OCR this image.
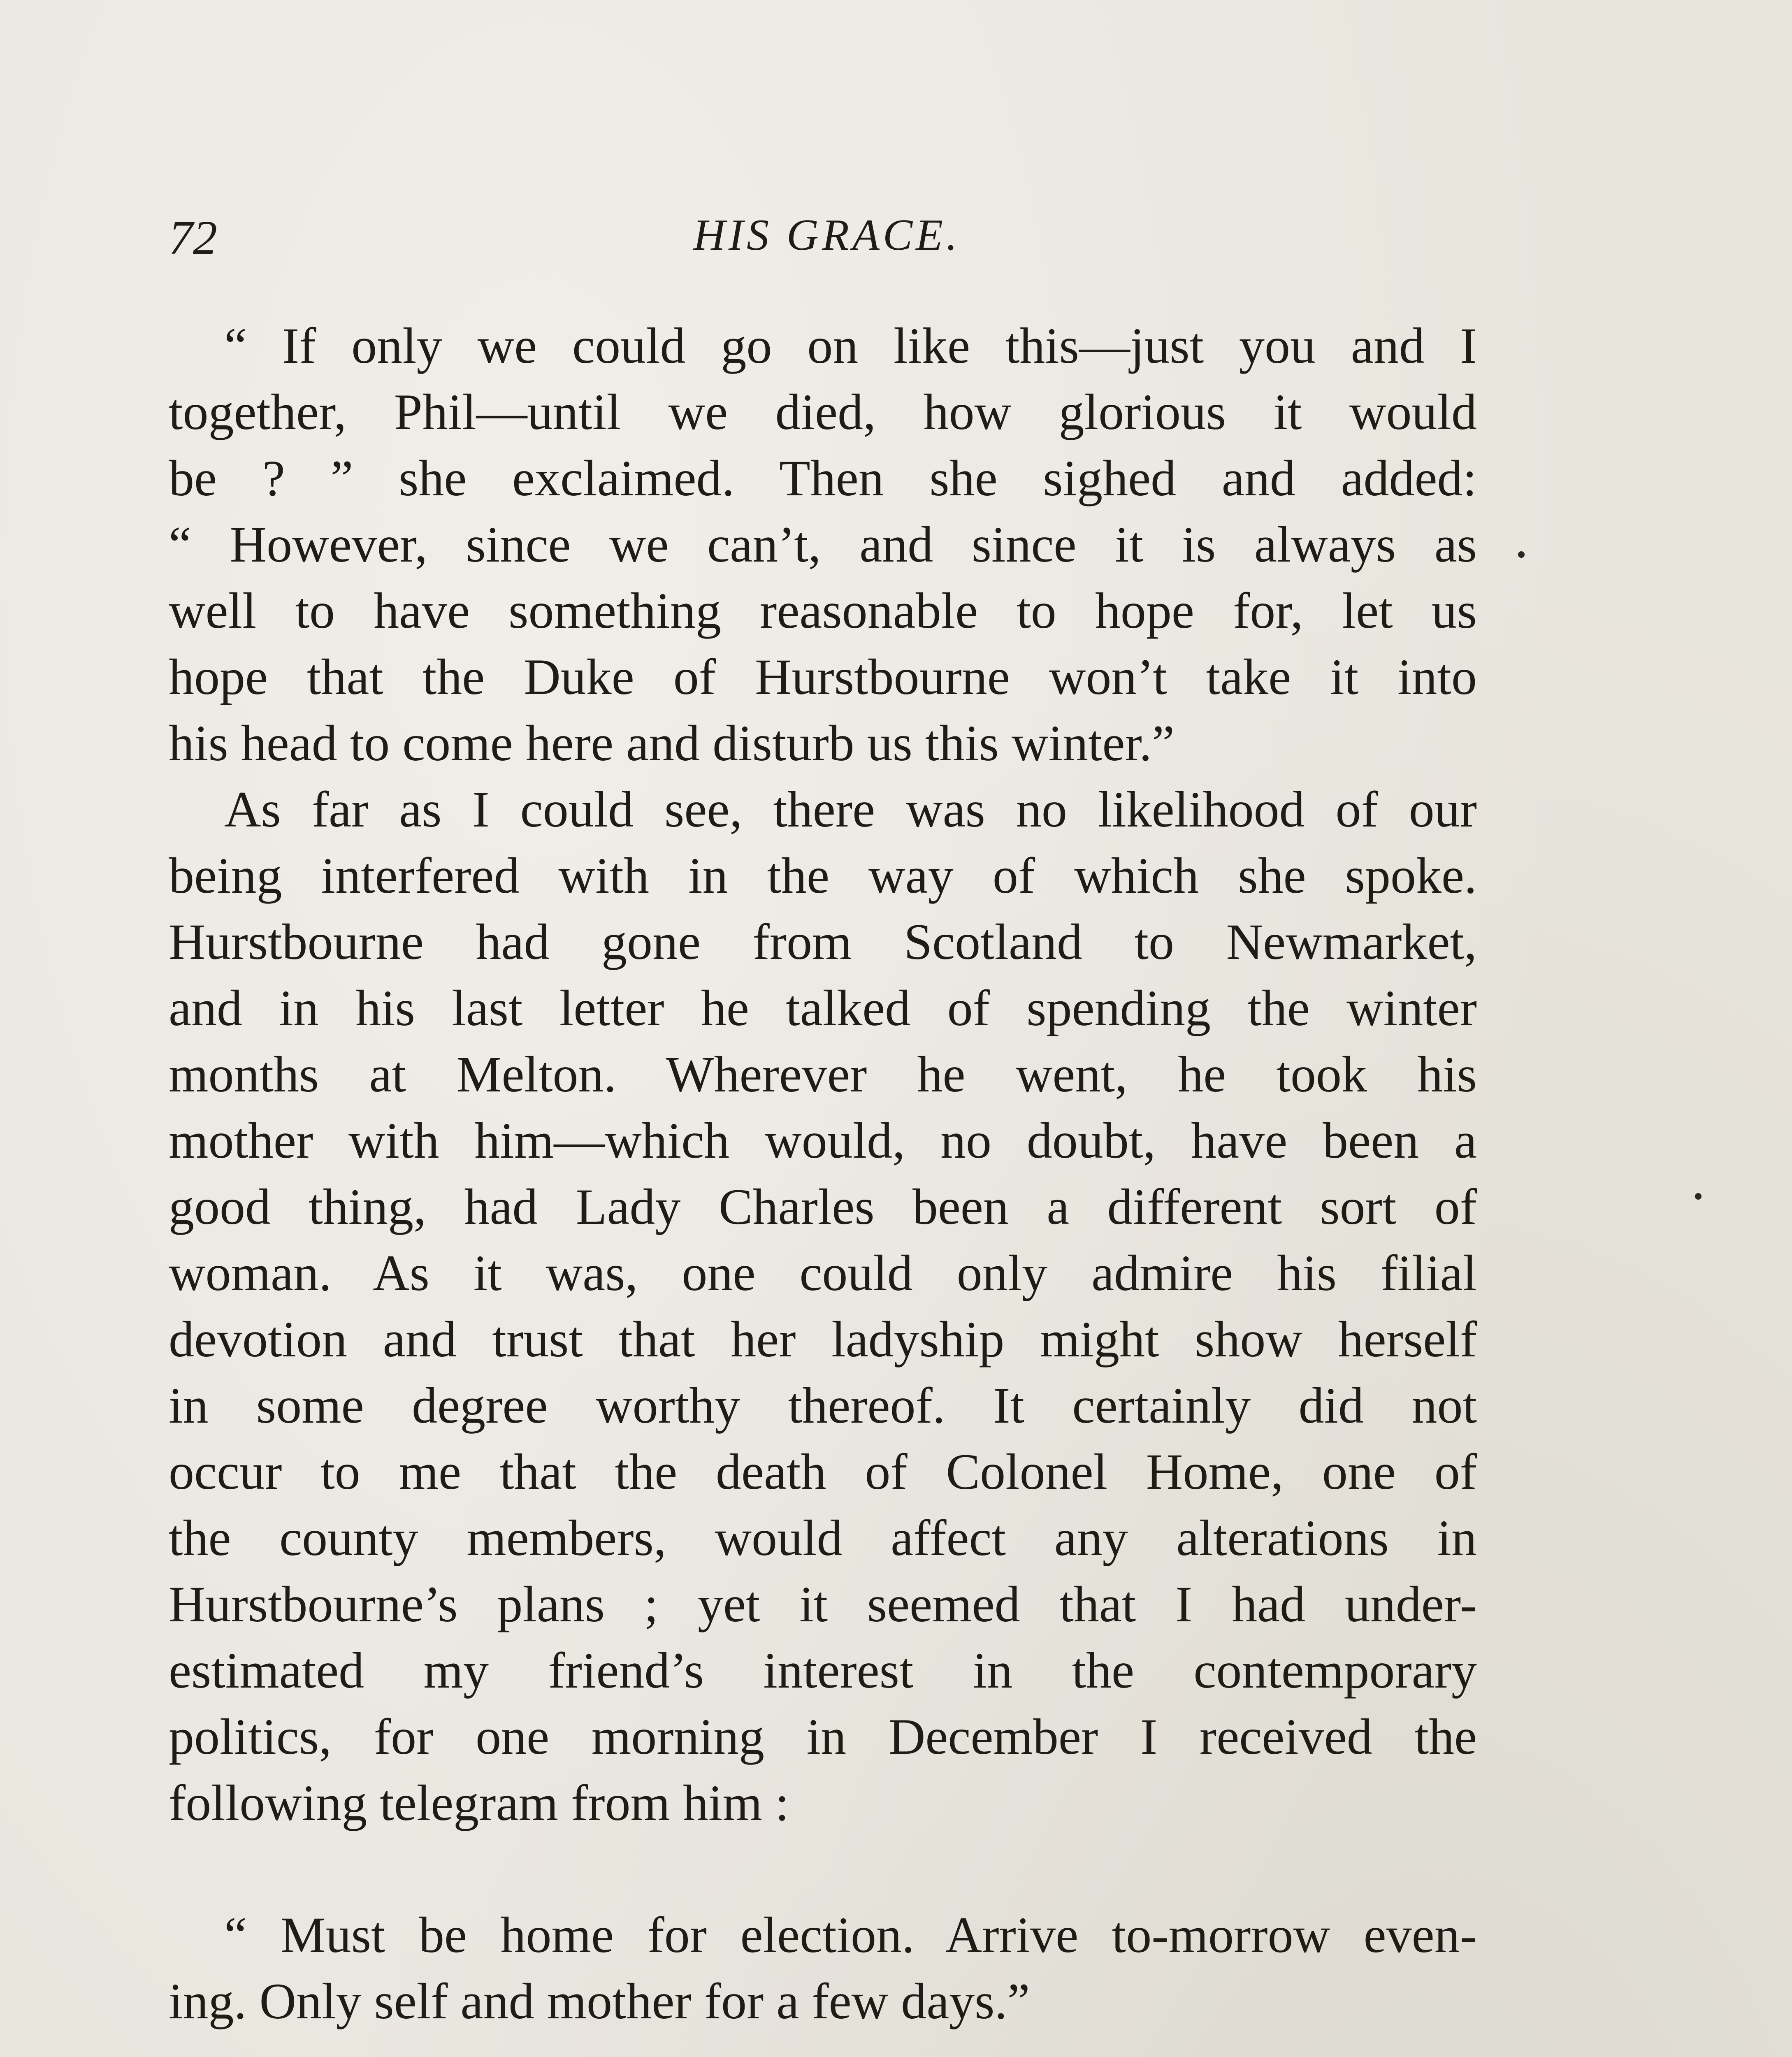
72	HIS GRACE.
“ If only we could go on like this—just you and I
together, Phil—until we died, how glorious it would
be ? ” she exclaimed. Then she sighed and added:
“ However, since we can’t, and since it is always as
well to have something reasonable to hope for, let us
hope that the Duke of Hurstbourne won’t take it into
his head to come here and disturb us this winter.”
As far as I could see, there was no likelihood of our
being interfered with in the way of which she spoke.
Hurstbourne had gone from Scotland to Newmarket,
and in his last letter he talked of spending the winter
months at Melton. Wherever he went, he took his
mother with him—which would, no doubt, have been a
good thing, had Lady Charles been a different sort of
woman. As it was, one could only admire his filial
devotion and trust that her ladyship might show herself
in some degree worthy thereof. It certainly did not
occur to me that the death of Colonel Home, one of
the county members, would affect any alterations in
Hurstbourne’s plans ; yet it seemed that I had under-
estimated my friend’s interest in the contemporary
politics, for one morning in December I received the
following telegram from him :
“ Must be home for election. Arrive to-morrow even-
ing. Only self and mother for a few days.”
